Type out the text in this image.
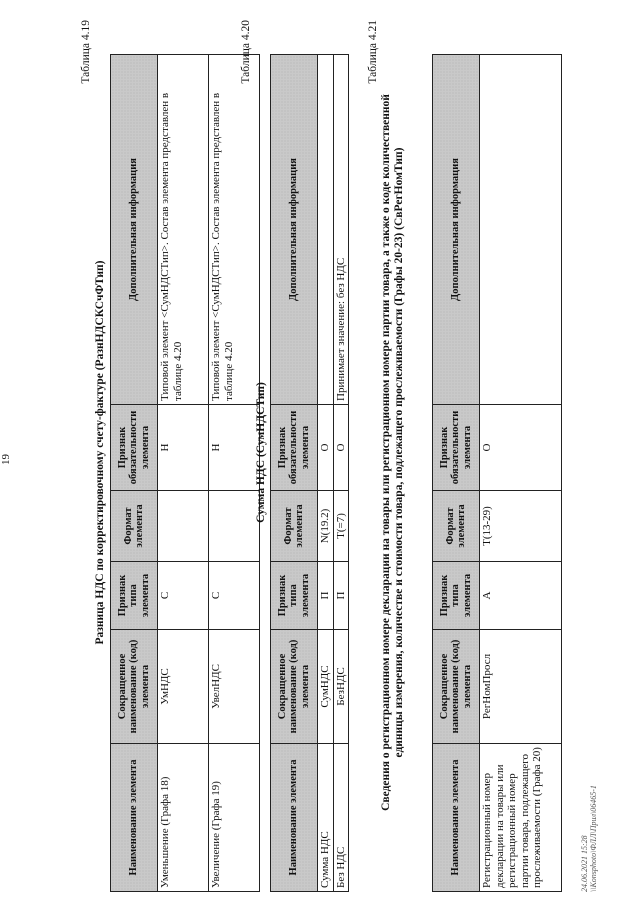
19
Таблица 4.19
Разница НДС по корректировочному счету-фактуре (РазнНДСКСчФТип)
Наименование элемента	Сокращенное наименование (код) элемента	Признак типа элемента	Формат элемента	Признак обязательности элемента	Дополнительная информация
Уменьшение (Графа 18)	УмНДС	С		Н	Типовой элемент <СумНДСТип>. Состав элемента представлен в таблице 4.20
Увеличение (Графа 19)	УвелНДС	С		Н	Типовой элемент <СумНДСТип>. Состав элемента представлен в таблице 4.20
Таблица 4.20
Сумма НДС (СумНДСТип)
Наименование элемента	Сокращенное наименование (код) элемента	Признак типа элемента	Формат элемента	Признак обязательности элемента	Дополнительная информация
Сумма НДС	СумНДС	П	N(19.2)	О	
Без НДС	БезНДС	П	T(=7)	О	Принимает значение: без НДС
Таблица 4.21
Сведения о регистрационном номере декларации на товары или регистрационном номере партии товара, а также о коде количественной единицы измерения, количестве и стоимости товара, подлежащего прослеживаемости (Графы 20-23) (СвРегНомТип)
Наименование элемента	Сокращенное наименование (код) элемента	Признак типа элемента	Формат элемента	Признак обязательности элемента	Дополнительная информация
Регистрационный номер декларации на товары или регистрационный номер партии товара, подлежащего прослеживаемости (Графа 20)	РегНомПросл	А	T(13-29)	О	
24.06.2021 15:28 \\Konsphoto\ФЛЛ\Прил\06465-1
